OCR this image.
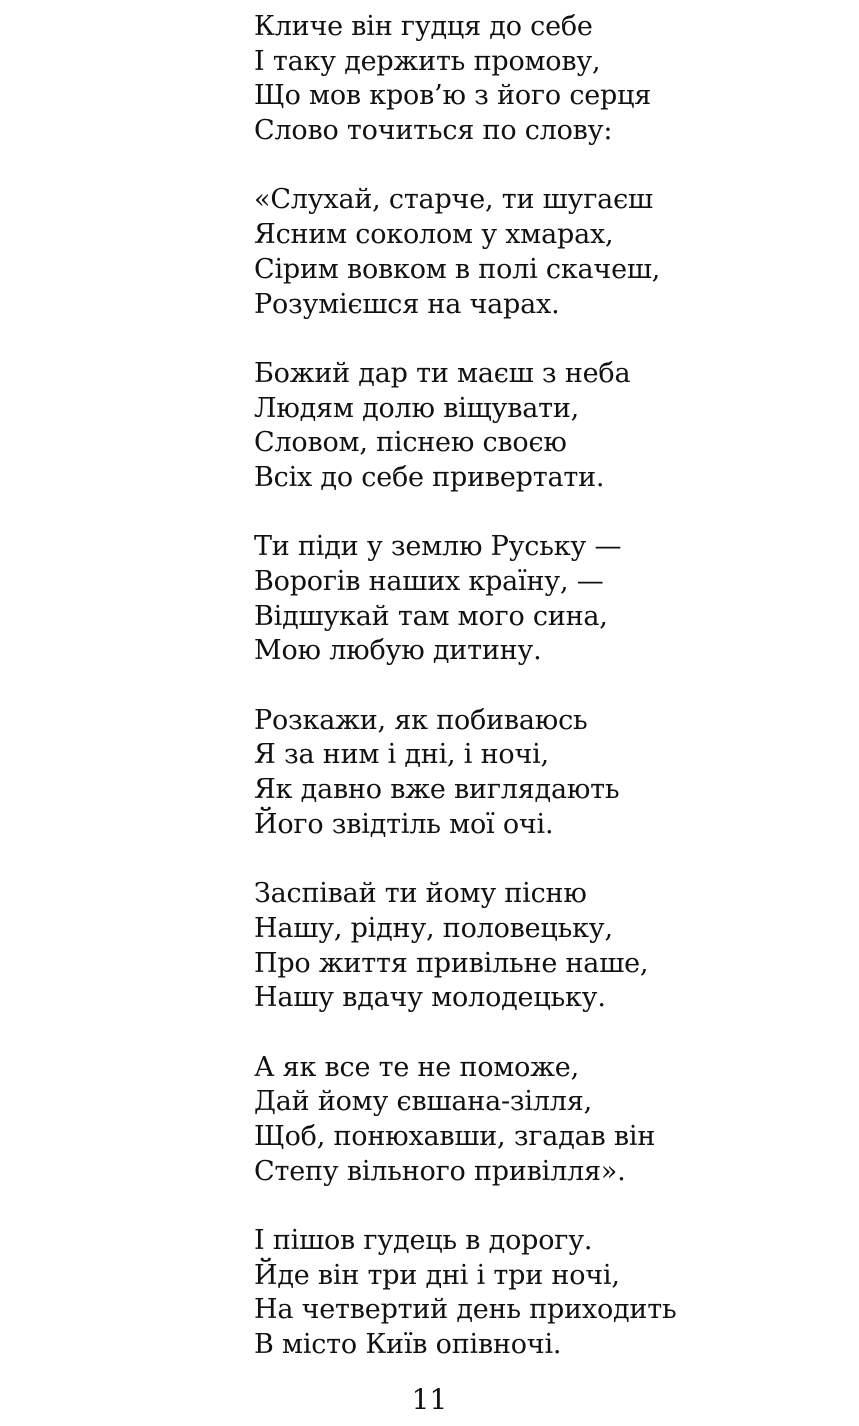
Кличе він гудця до себе
І таку держить промову,
Що мов кров’ю з його серця
Слово точиться по слову:
«Слухай, старче, ти шугаєш
Ясним соколом у хмарах,
Сірим вовком в полі скачеш,
Розумієшся на чарах.
Божий дар ти маєш з неба
Людям долю віщувати,
Словом, піснею своєю
Всіх до себе привертати.
Ти піди у землю Руську —
Ворогів наших країну, —
Відшукай там мого сина,
Мою любую дитину.
Розкажи, як побиваюсь
Я за ним і дні, і ночі,
Як давно вже виглядають
Його звідтіль мої очі.
Заспівай ти йому пісню
Нашу, рідну, половецьку,
Про життя привільне наше,
Нашу вдачу молодецьку.
А як все те не поможе,
Дай йому євшана-зілля,
Щоб, понюхавши, згадав він
Степу вільного привілля».
І пішов гудець в дорогу.
Йде він три дні і три ночі,
На четвертий день приходить
В місто Київ опівночі.
11
